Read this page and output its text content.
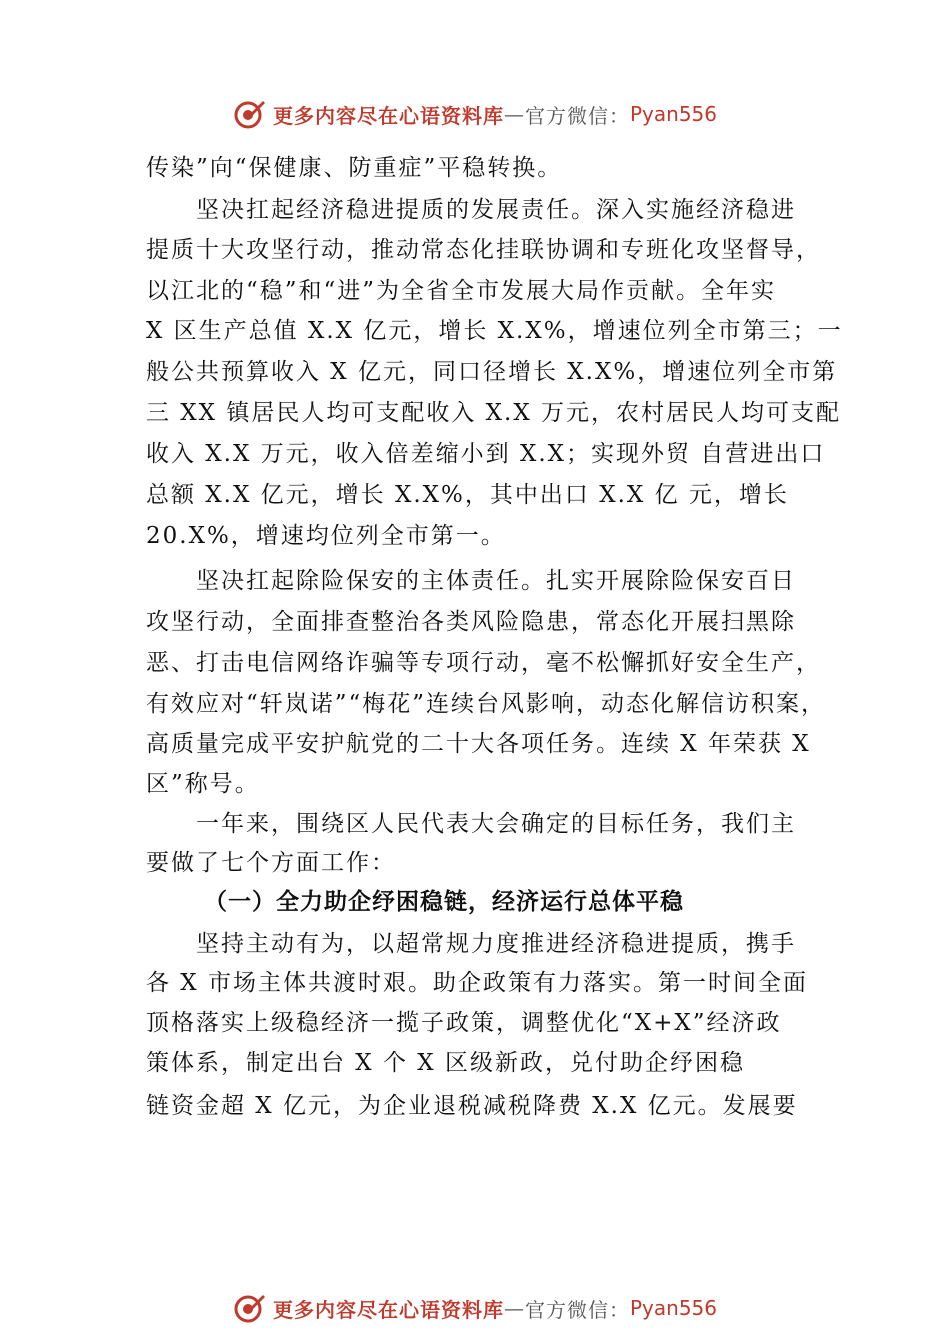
更多内容尽在心语资料库 — 官方微信： Pyan556
传染”向“保健康、防重症”平稳转换。
坚决扛起经济稳进提质的发展责任。深入实施经济稳进
提质十大攻坚行动，推动常态化挂联协调和专班化攻坚督导，
以江北的“稳”和“进”为全省全市发展大局作贡献。全年实
X 区生产总值 X.X 亿元，增长 X.X%，增速位列全市第三；一
般公共预算收入 X 亿元，同口径增长 X.X%，增速位列全市第
三 XX 镇居民人均可支配收入 X.X 万元，农村居民人均可支配
收入 X.X 万元，收入倍差缩小到 X.X；实现外贸 自营进出口
总额 X.X 亿元，增长 X.X%，其中出口 X.X 亿 元，增长
20.X%，增速均位列全市第一。
坚决扛起除险保安的主体责任。扎实开展除险保安百日
攻坚行动，全面排查整治各类风险隐患，常态化开展扫黑除
恶、打击电信网络诈骗等专项行动，毫不松懈抓好安全生产，
有效应对“轩岚诺”“梅花”连续台风影响，动态化解信访积案，
高质量完成平安护航党的二十大各项任务。连续 X 年荣获 X
区”称号。
一年来，围绕区人民代表大会确定的目标任务，我们主
要做了七个方面工作：
（一）全力助企纾困稳链，经济运行总体平稳
坚持主动有为，以超常规力度推进经济稳进提质，携手
各 X 市场主体共渡时艰。助企政策有力落实。第一时间全面
顶格落实上级稳经济一揽子政策，调整优化“X+X”经济政
策体系，制定出台 X 个 X 区级新政，兑付助企纾困稳
链资金超 X 亿元，为企业退税减税降费 X.X 亿元。发展要
更多内容尽在心语资料库 — 官方微信： Pyan556
